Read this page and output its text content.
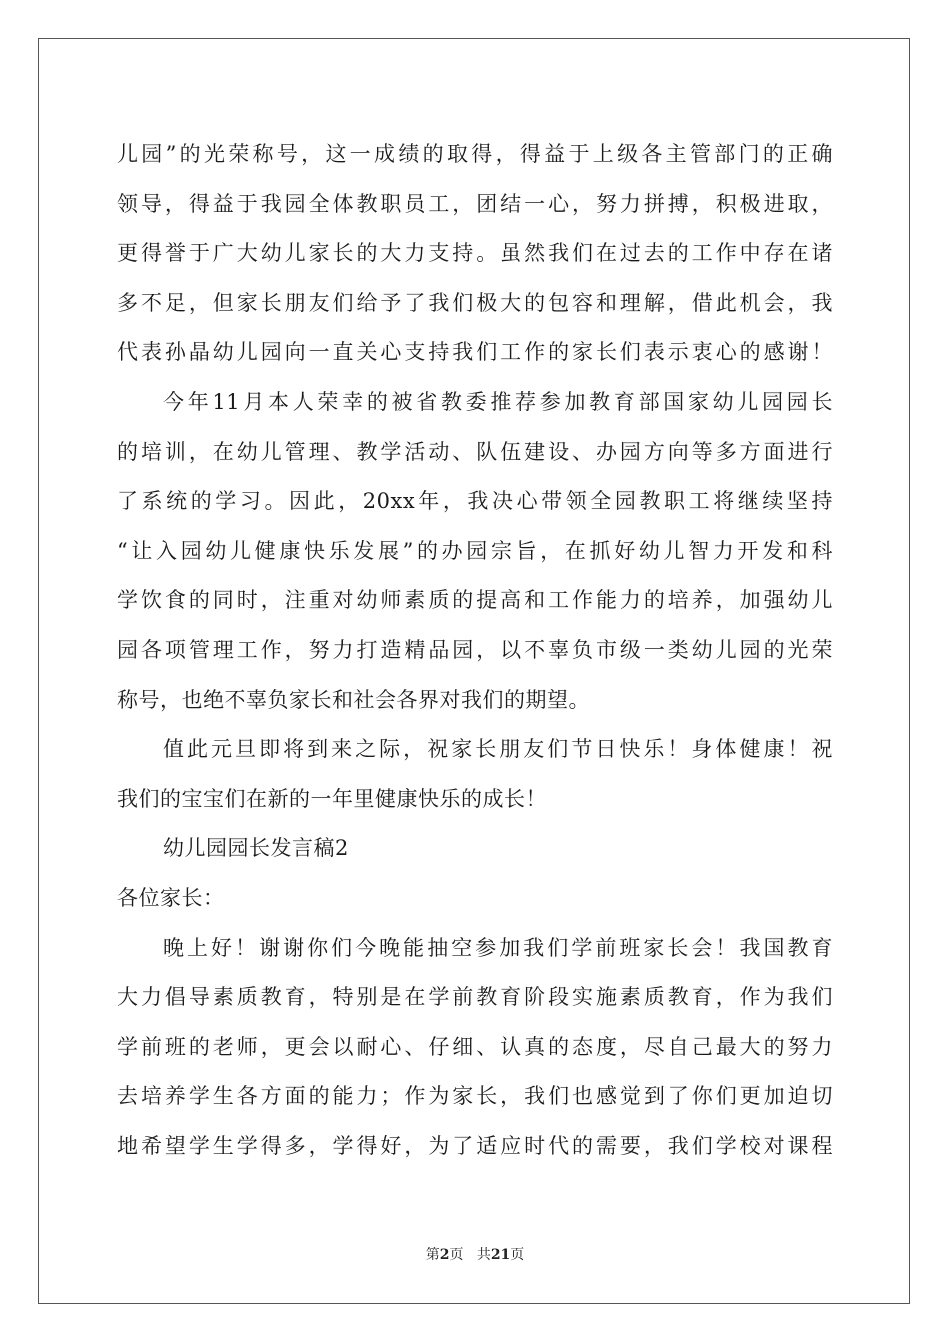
儿园”的光荣称号，这一成绩的取得，得益于上级各主管部门的正确
领导，得益于我园全体教职员工，团结一心，努力拼搏，积极进取，
更得誉于广大幼儿家长的大力支持。虽然我们在过去的工作中存在诸
多不足，但家长朋友们给予了我们极大的包容和理解，借此机会，我
代表孙晶幼儿园向一直关心支持我们工作的家长们表示衷心的感谢！
今年11月本人荣幸的被省教委推荐参加教育部国家幼儿园园长
的培训，在幼儿管理、教学活动、队伍建设、办园方向等多方面进行
了系统的学习。因此，20xx年，我决心带领全园教职工将继续坚持
“让入园幼儿健康快乐发展”的办园宗旨，在抓好幼儿智力开发和科
学饮食的同时，注重对幼师素质的提高和工作能力的培养，加强幼儿
园各项管理工作，努力打造精品园，以不辜负市级一类幼儿园的光荣
称号，也绝不辜负家长和社会各界对我们的期望。
值此元旦即将到来之际，祝家长朋友们节日快乐！身体健康！祝
我们的宝宝们在新的一年里健康快乐的成长！
幼儿园园长发言稿2
各位家长：
晚上好！谢谢你们今晚能抽空参加我们学前班家长会！我国教育
大力倡导素质教育，特别是在学前教育阶段实施素质教育，作为我们
学前班的老师，更会以耐心、仔细、认真的态度，尽自己最大的努力
去培养学生各方面的能力；作为家长，我们也感觉到了你们更加迫切
地希望学生学得多，学得好，为了适应时代的需要，我们学校对课程
第2页 共21页
